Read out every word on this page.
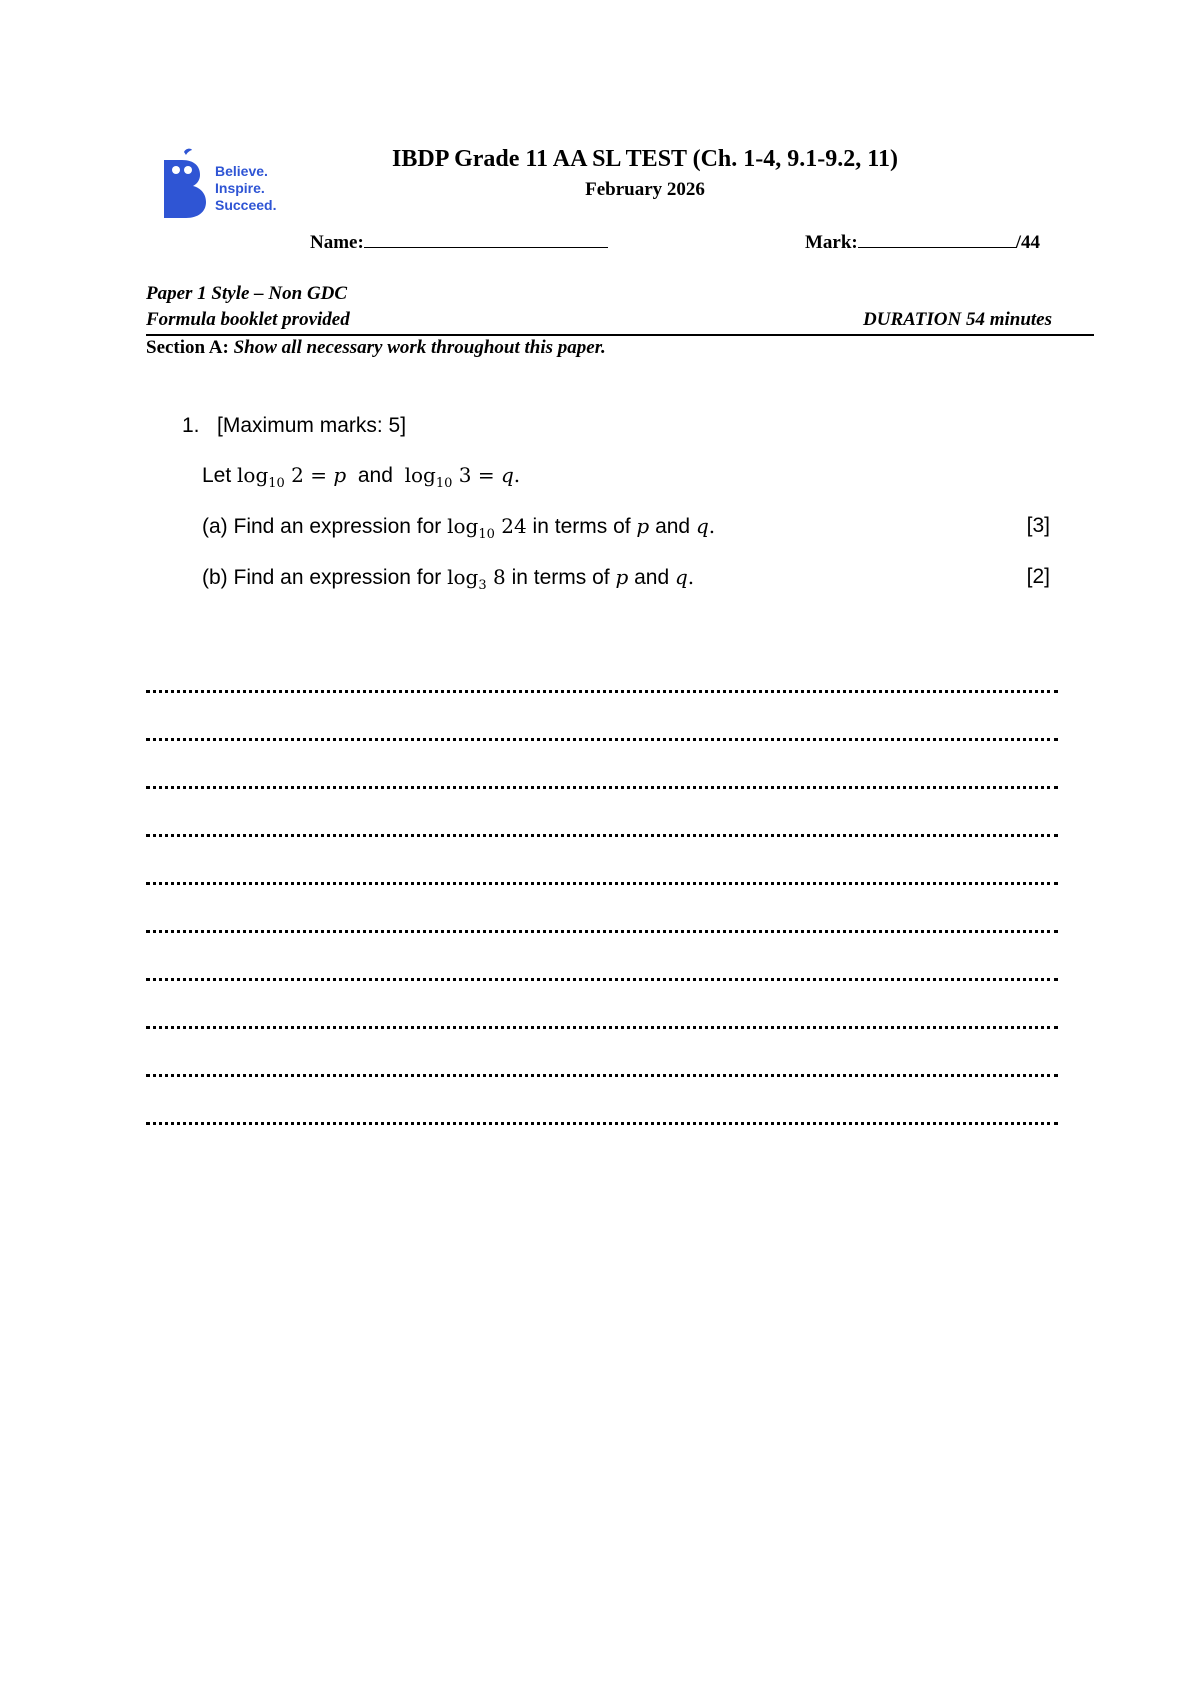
Believe.
Inspire.
Succeed.
IBDP Grade 11 AA SL TEST (Ch. 1-4, 9.1-9.2, 11)
February 2026
Name:	Mark:	/44
Paper 1 Style – Non GDC
Formula booklet provided	DURATION 54 minutes
Section A: Show all necessary work throughout this paper.
1. [Maximum marks: 5]
Let $\log_{10} 2 = p$  and  $\log_{10} 3 = q$.
(a) Find an expression for $\log_{10} 24$ in terms of p and q.	[3]
(b) Find an expression for $\log_3 8$ in terms of p and q.	[2]
